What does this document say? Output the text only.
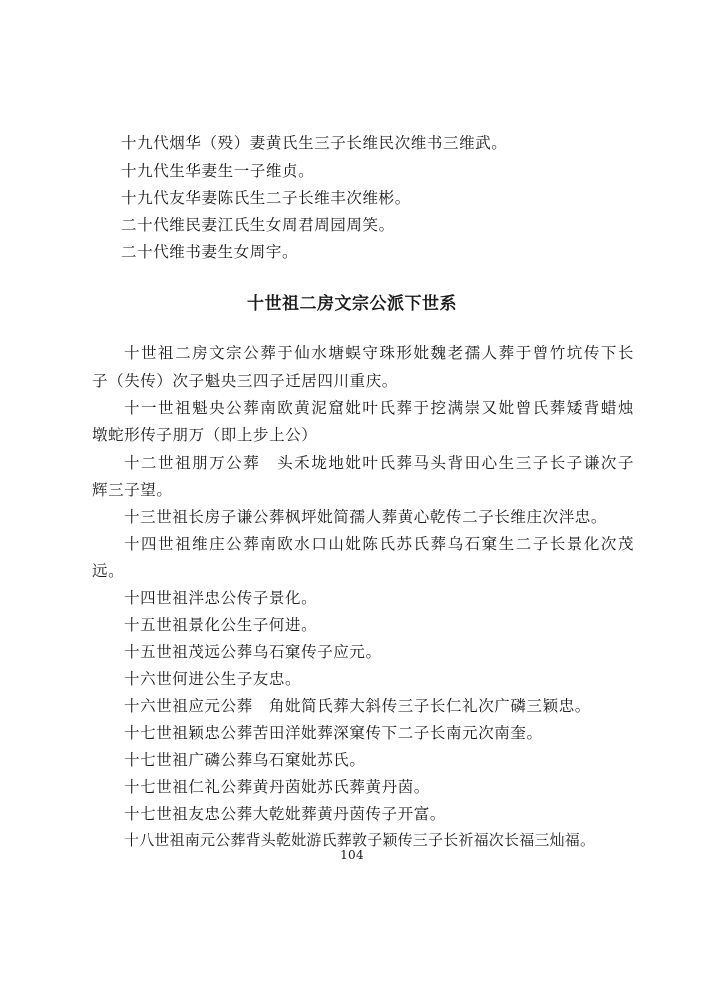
十九代烟华（殁）妻黄氏生三子长维民次维书三维武。
十九代生华妻生一子维贞。
十九代友华妻陈氏生二子长维丰次维彬。
二十代维民妻江氏生女周君周园周笑。
二十代维书妻生女周宇。
十世祖二房文宗公派下世系
十世祖二房文宗公葬于仙水塘蜈守珠形妣魏老孺人葬于曾竹坑传下长
子（失传）次子魁央三四子迁居四川重庆。
十一世祖魁央公葬南欧黄泥窟妣叶氏葬于挖满崇又妣曾氏葬矮背蜡烛
墩蛇形传子朋万（即上步上公）
十二世祖朋万公葬　头禾垅地妣叶氏葬马头背田心生三子长子谦次子
辉三子望。
十三世祖长房子谦公葬枫坪妣简孺人葬黄心乾传二子长维庄次泮忠。
十四世祖维庄公葬南欧水口山妣陈氏苏氏葬乌石窠生二子长景化次茂
远。
十四世祖泮忠公传子景化。
十五世祖景化公生子何进。
十五世祖茂远公葬乌石窠传子应元。
十六世何进公生子友忠。
十六世祖应元公葬　角妣简氏葬大斜传三子长仁礼次广磷三颖忠。
十七世祖颖忠公葬苦田洋妣葬深窠传下二子长南元次南奎。
十七世祖广磷公葬乌石窠妣苏氏。
十七世祖仁礼公葬黄丹茵妣苏氏葬黄丹茵。
十七世祖友忠公葬大乾妣葬黄丹茵传子开富。
十八世祖南元公葬背头乾妣游氏葬敦子颖传三子长祈福次长福三灿福。
104
